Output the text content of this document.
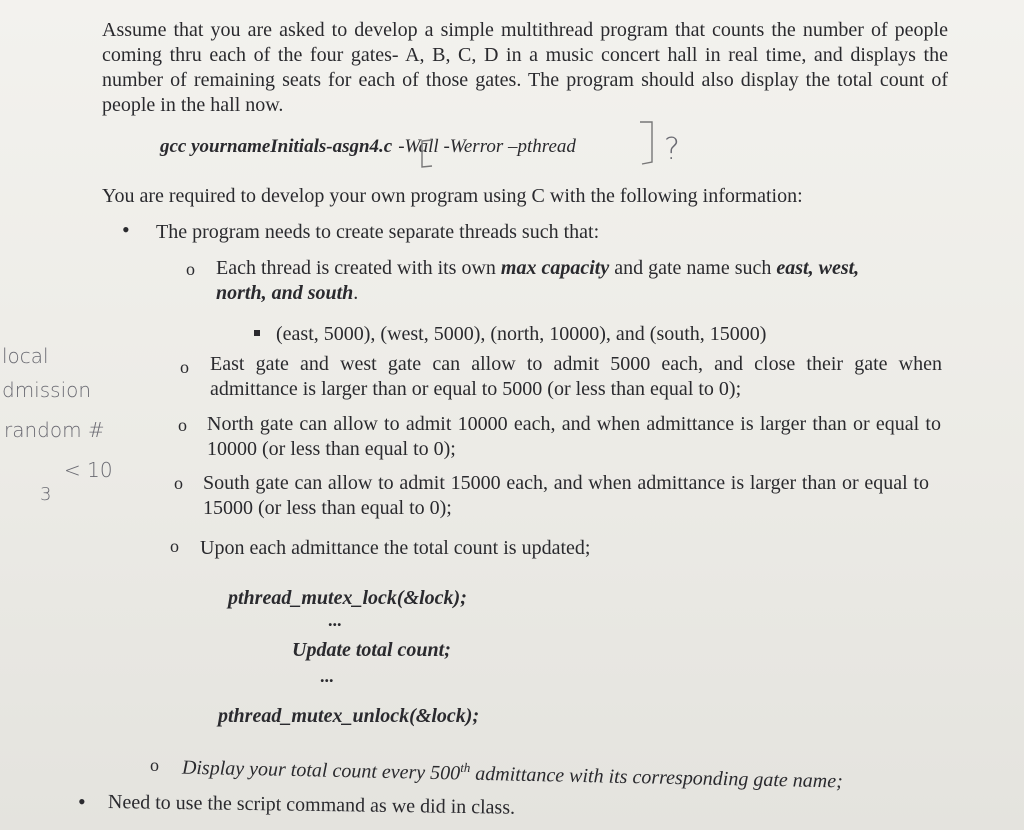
Assume that you are asked to develop a simple multithread program that counts the number of people coming thru each of the four gates- A, B, C, D in a music concert hall in real time, and displays the number of remaining seats for each of those gates. The program should also display the total count of people in the hall now.
gcc yournameInitials-asgn4.c -Wall -Werror –pthread	?
You are required to develop your own program using C with the following information:
• The program needs to create separate threads such that:
o Each thread is created with its own max capacity and gate name such east, west,
north, and south.
(east, 5000), (west, 5000), (north, 10000), and (south, 15000)
o East gate and west gate can allow to admit 5000 each, and close their gate when admittance is larger than or equal to 5000 (or less than equal to 0);
o North gate can allow to admit 10000 each, and when admittance is larger than or equal to 10000 (or less than equal to 0);
o South gate can allow to admit 15000 each, and when admittance is larger than or equal to 15000 (or less than equal to 0);
o Upon each admittance the total count is updated;
pthread_mutex_lock(&lock);
...
Update total count;
...
pthread_mutex_unlock(&lock);
o Display your total count every 500th admittance with its corresponding gate name;
• Need to use the script command as we did in class.
local
dmission
random #
< 10
3
